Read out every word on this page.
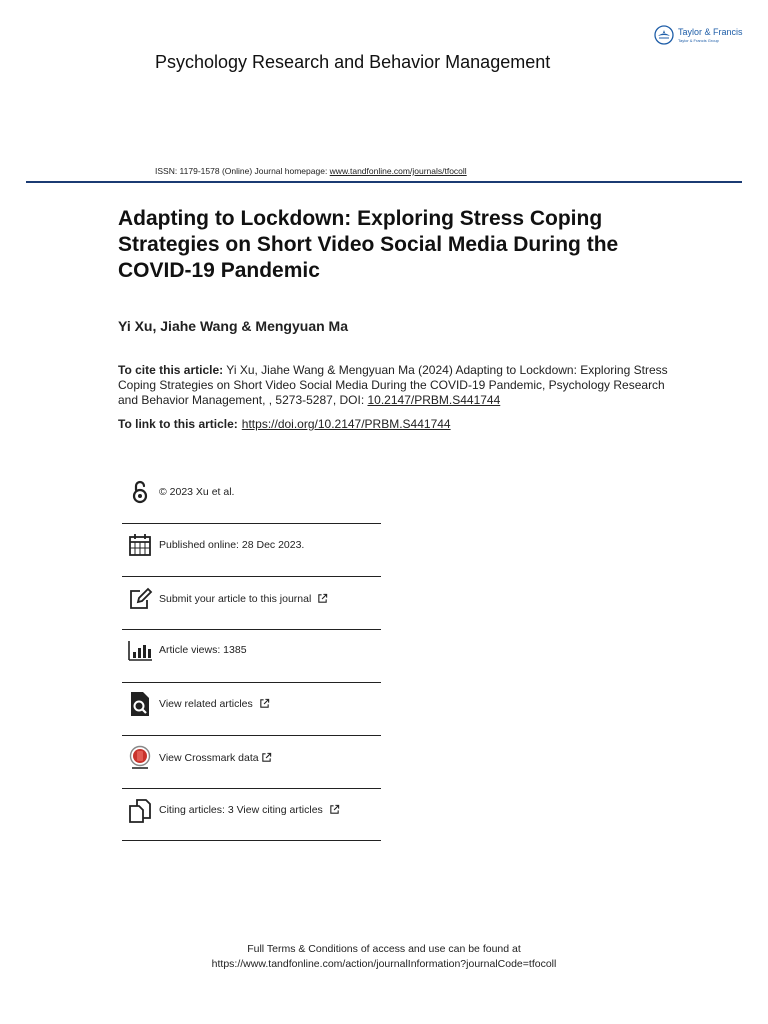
Taylor & Francis
Taylor & Francis Group
Psychology Research and Behavior Management
ISSN: 1179-1578 (Online) Journal homepage: www.tandfonline.com/journals/tfocoll
Adapting to Lockdown: Exploring Stress Coping Strategies on Short Video Social Media During the COVID-19 Pandemic
Yi Xu, Jiahe Wang & Mengyuan Ma
To cite this article: Yi Xu, Jiahe Wang & Mengyuan Ma (2024) Adapting to Lockdown: Exploring Stress Coping Strategies on Short Video Social Media During the COVID-19 Pandemic, Psychology Research and Behavior Management, , 5273-5287, DOI: 10.2147/PRBM.S441744
To link to this article: https://doi.org/10.2147/PRBM.S441744
© 2023 Xu et al.
Published online: 28 Dec 2023.
Submit your article to this journal
Article views: 1385
View related articles
View Crossmark data
Citing articles: 3 View citing articles
Full Terms & Conditions of access and use can be found at
https://www.tandfonline.com/action/journalInformation?journalCode=tfocoll
